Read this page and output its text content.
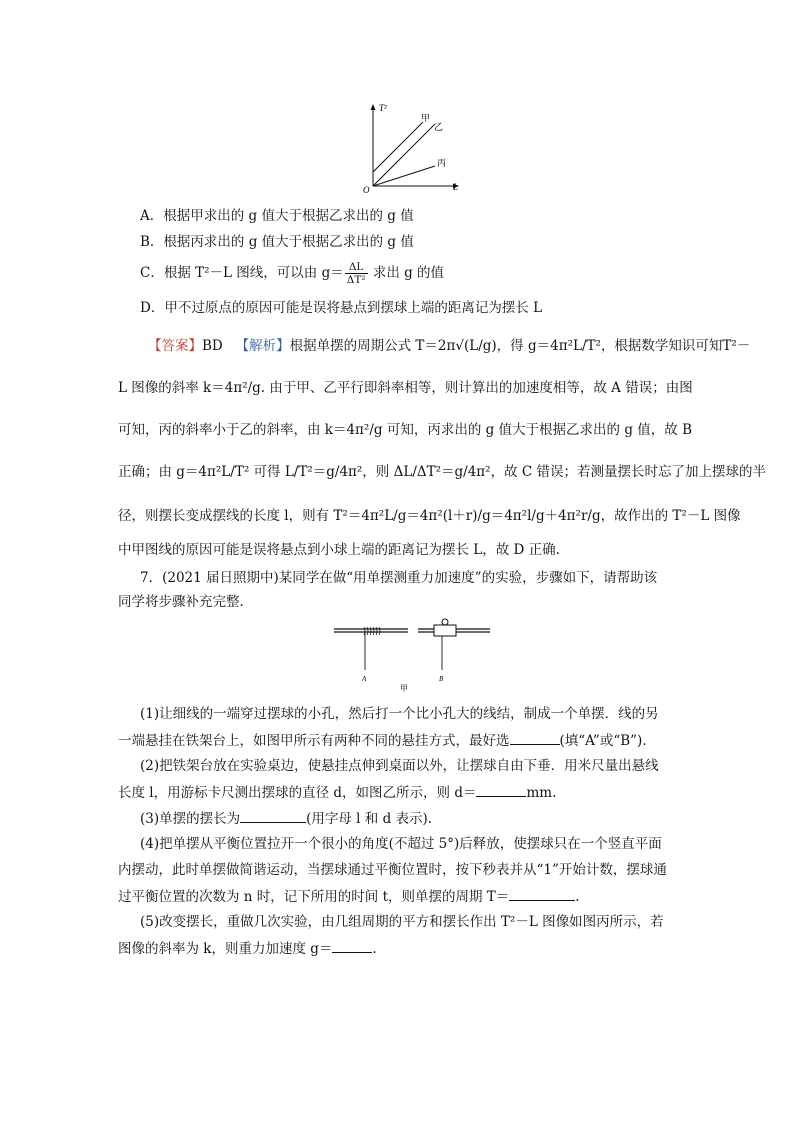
T²
L
O
甲
乙
丙
A．根据甲求出的 g 值大于根据乙求出的 g 值
B．根据丙求出的 g 值大于根据乙求出的 g 值
C．根据 T²－L 图线，可以由 $g= \frac{\Delta L}{\text{ΔT²}}$ 求出 g 的值
D．甲不过原点的原因可能是误将悬点到摆球上端的距离记为摆长 L
【答案】BD 【解析】根据单摆的周期公式 T＝2π√(L/g)，得 g＝4π²L/T²，根据数学知识可知T²－
L 图像的斜率 k＝4π²/g. 由于甲、乙平行即斜率相等，则计算出的加速度相等，故 A 错误；由图
可知，丙的斜率小于乙的斜率，由 k＝4π²/g 可知，丙求出的 g 值大于根据乙求出的 g 值，故 B
正确；由 g＝4π²L/T² 可得 L/T²＝g/4π²，则 ΔL/ΔT²＝g/4π²，故 C 错误；若测量摆长时忘了加上摆球的半
径，则摆长变成摆线的长度 l，则有 T²＝4π²L/g＝4π²(l＋r)/g＝4π²l/g＋4π²r/g，故作出的 T²－L 图像
中甲图线的原因可能是误将悬点到小球上端的距离记为摆长 L，故 D 正确.
7．(2021 届日照期中)某同学在做“用单摆测重力加速度”的实验，步骤如下，请帮助该
同学将步骤补充完整.
A	B
甲
(1)让细线的一端穿过摆球的小孔，然后打一个比小孔大的线结，制成一个单摆．线的另
一端悬挂在铁架台上，如图甲所示有两种不同的悬挂方式，最好选	(填“A”或“B”).
(2)把铁架台放在实验桌边，使悬挂点伸到桌面以外，让摆球自由下垂．用米尺量出悬线
长度 l，用游标卡尺测出摆球的直径 d，如图乙所示，则 d＝	mm.
(3)单摆的摆长为	(用字母 l 和 d 表示).
(4)把单摆从平衡位置拉开一个很小的角度(不超过 5°)后释放，使摆球只在一个竖直平面
内摆动，此时单摆做简谐运动，当摆球通过平衡位置时，按下秒表并从“1”开始计数，摆球通
过平衡位置的次数为 n 时，记下所用的时间 t，则单摆的周期 T＝	.
(5)改变摆长，重做几次实验，由几组周期的平方和摆长作出 T²－L 图像如图丙所示，若
图像的斜率为 k，则重力加速度 g＝	.
